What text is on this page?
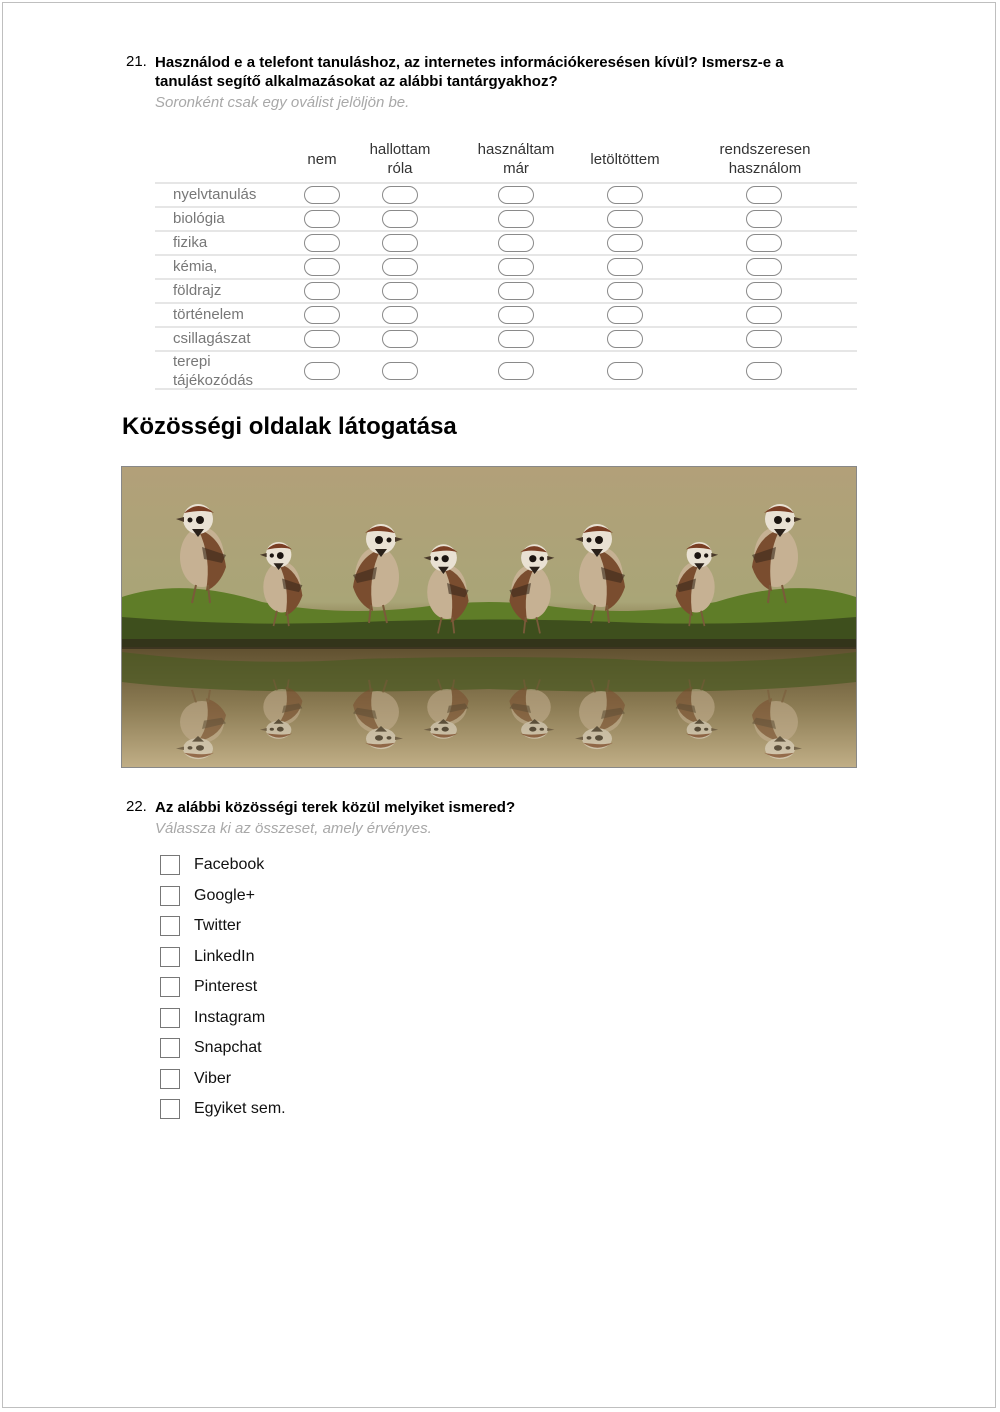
21. Használod e a telefont tanuláshoz, az internetes információkeresésen kívül? Ismersz-e a
tanulást segítő alkalmazásokat az alábbi tantárgyakhoz?
Soronként csak egy oválist jelöljön be.
nem
hallottam
róla
használtam
már
letöltöttem
rendszeresen
használom
nyelvtanulás
biológia
fizika
kémia,
földrajz
történelem
csillagászat
terepi
tájékozódás
Közösségi oldalak látogatása
22. Az alábbi közösségi terek közül melyiket ismered?
Válassza ki az összeset, amely érvényes.
Facebook
Google+
Twitter
LinkedIn
Pinterest
Instagram
Snapchat
Viber
Egyiket sem.
